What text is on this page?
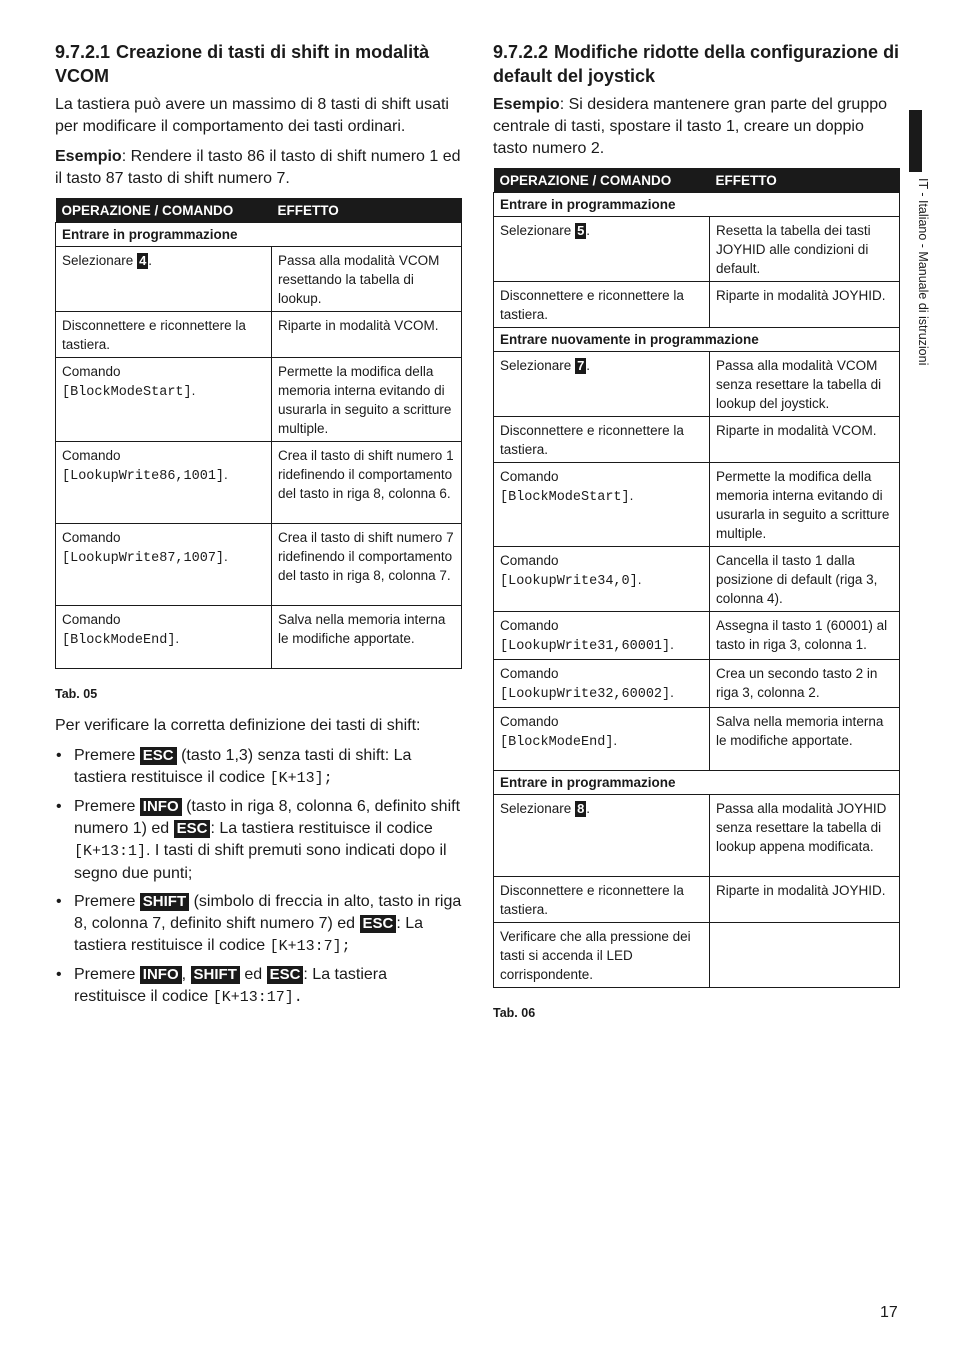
9.7.2.1 Creazione di tasti di shift in modalità VCOM

La tastiera può avere un massimo di 8 tasti di shift usati per modificare il comportamento dei tasti ordinari.

Esempio: Rendere il tasto 86 il tasto di shift numero 1 ed il tasto 87 tasto di shift numero 7.

OPERAZIONE / COMANDO	EFFETTO
Entrare in programmazione	
Selezionare 4 .	Passa alla modalità VCOM resettando la tabella di lookup.
Disconnettere e riconnettere la tastiera.	Riparte in modalità VCOM.
Comando
[BlockModeStart].	Permette la modifica della memoria interna evitando di usurarla in seguito a scritture multiple.
Comando
[LookupWrite86,1001].	Crea il tasto di shift numero 1 ridefinendo il comportamento del tasto in riga 8, colonna 6.
Comando
[LookupWrite87,1007].	Crea il tasto di shift numero 7 ridefinendo il comportamento del tasto in riga 8, colonna 7.
Comando
[BlockModeEnd].	Salva nella memoria interna le modifiche apportate.
Tab. 05

Per verificare la corretta definizione dei tasti di shift:

• Premere ESC (tasto 1,3) senza tasti di shift: La tastiera restituisce il codice [K+13];
• Premere INFO (tasto in riga 8, colonna 6, definito shift numero 1) ed ESC : La tastiera restituisce il codice [K+13:1]. I tasti di shift premuti sono indicati dopo il segno due punti;
• Premere SHIFT (simbolo di freccia in alto, tasto in riga 8, colonna 7, definito shift numero 7) ed ESC : La tastiera restituisce il codice [K+13:7];
• Premere INFO , SHIFT ed ESC : La tastiera restituisce il codice [K+13:17].
9.7.2.2 Modifiche ridotte della configurazione di default del joystick

Esempio: Si desidera mantenere gran parte del gruppo centrale di tasti, spostare il tasto 1, creare un doppio tasto numero 2.

OPERAZIONE / COMANDO	EFFETTO
Entrare in programmazione	
Selezionare 5 .	Resetta la tabella dei tasti JOYHID alle condizioni di default.
Disconnettere e riconnettere la tastiera.	Riparte in modalità JOYHID.
Entrare nuovamente in programmazione	
Selezionare 7 .	Passa alla modalità VCOM senza resettare la tabella di lookup del joystick.
Disconnettere e riconnettere la tastiera.	Riparte in modalità VCOM.
Comando
[BlockModeStart].	Permette la modifica della memoria interna evitando di usurarla in seguito a scritture multiple.
Comando
[LookupWrite34,0].	Cancella il tasto 1 dalla posizione di default (riga 3, colonna 4).
Comando
[LookupWrite31,60001].	Assegna il tasto 1 (60001) al tasto in riga 3, colonna 1.
Comando
[LookupWrite32,60002].	Crea un secondo tasto 2 in riga 3, colonna 2.
Comando
[BlockModeEnd].	Salva nella memoria interna le modifiche apportate.
Entrare in programmazione	
Selezionare 8 .	Passa alla modalità JOYHID senza resettare la tabella di lookup appena modificata.
Disconnettere e riconnettere la tastiera.	Riparte in modalità JOYHID.
Verificare che alla pressione dei tasti si accenda il LED corrispondente.	
Tab. 06
IT - Italiano - Manuale di istruzioni
17
